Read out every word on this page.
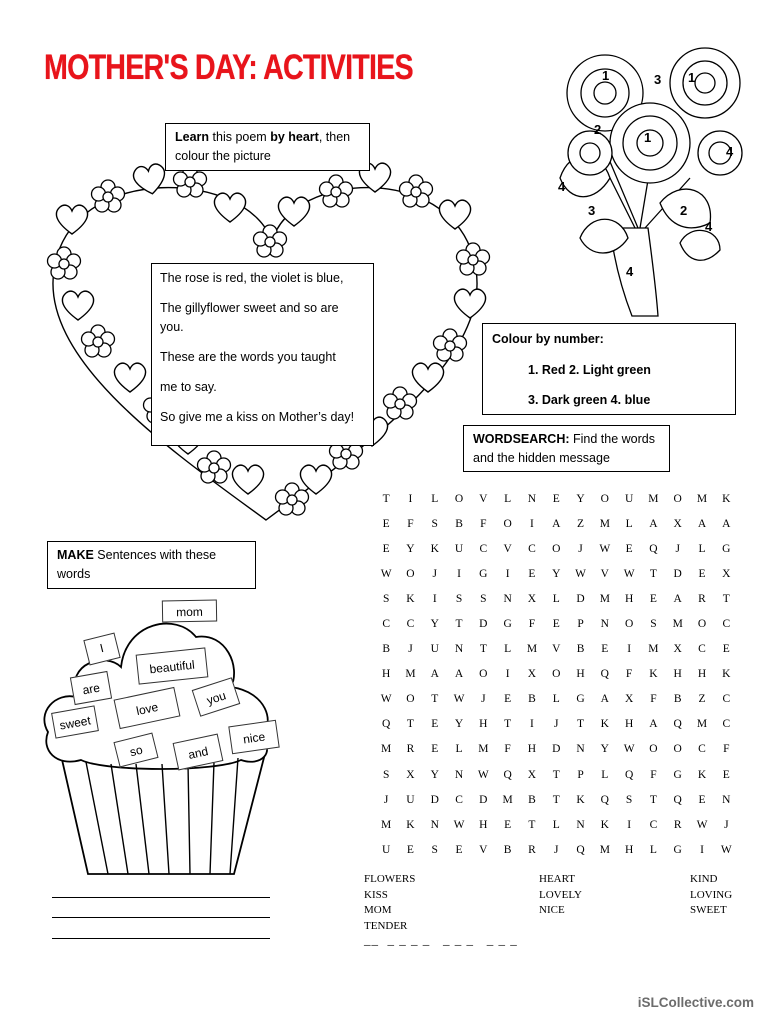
MOTHER'S DAY: ACTIVITIES
Learn this poem by heart, then colour the picture

The rose is red, the violet is blue,

The gillyflower sweet and so are you.

These are the words you taught

me to say.

So give me a kiss on Mother’s day!

1	3 1
2
1
4
4
3	2
4
4
Colour by number:
1. Red 2. Light green
3. Dark green 4. blue
WORDSEARCH: Find the words and the hidden message
T	I	L	O	V	L	N	E	Y	O	U	M	O	M	K
E	F	S	B	F	O	I	A	Z	M	L	A	X	A	A
E	Y	K	U	C	V	C	O	J	W	E	Q	J	L	G
W	O	J	I	G	I	E	Y	W	V	W	T	D	E	X
S	K	I	S	S	N	X	L	D	M	H	E	A	R	T
C	C	Y	T	D	G	F	E	P	N	O	S	M	O	C
B	J	U	N	T	L	M	V	B	E	I	M	X	C	E
H	M	A	A	O	I	X	O	H	Q	F	K	H	H	K
W	O	T	W	J	E	B	L	G	A	X	F	B	Z	C
Q	T	E	Y	H	T	I	J	T	K	H	A	Q	M	C
M	R	E	L	M	F	H	D	N	Y	W	O	O	C	F
S	X	Y	N	W	Q	X	T	P	L	Q	F	G	K	E
J	U	D	C	D	M	B	T	K	Q	S	T	Q	E	N
M	K	N	W	H	E	T	L	N	K	I	C	R	W	J
U	E	S	E	V	B	R	J	Q	M	H	L	G	I	W
FLOWERS
KISS
MOM
TENDER
HEART
LOVELY
NICE
KIND
LOVING
SWEET
__  _ _ _ _   _ _ _   _ _ _
MAKE Sentences with these words
mom
I
beautiful
are	you
love
sweet
nice
so	and
iSLCollective.com
